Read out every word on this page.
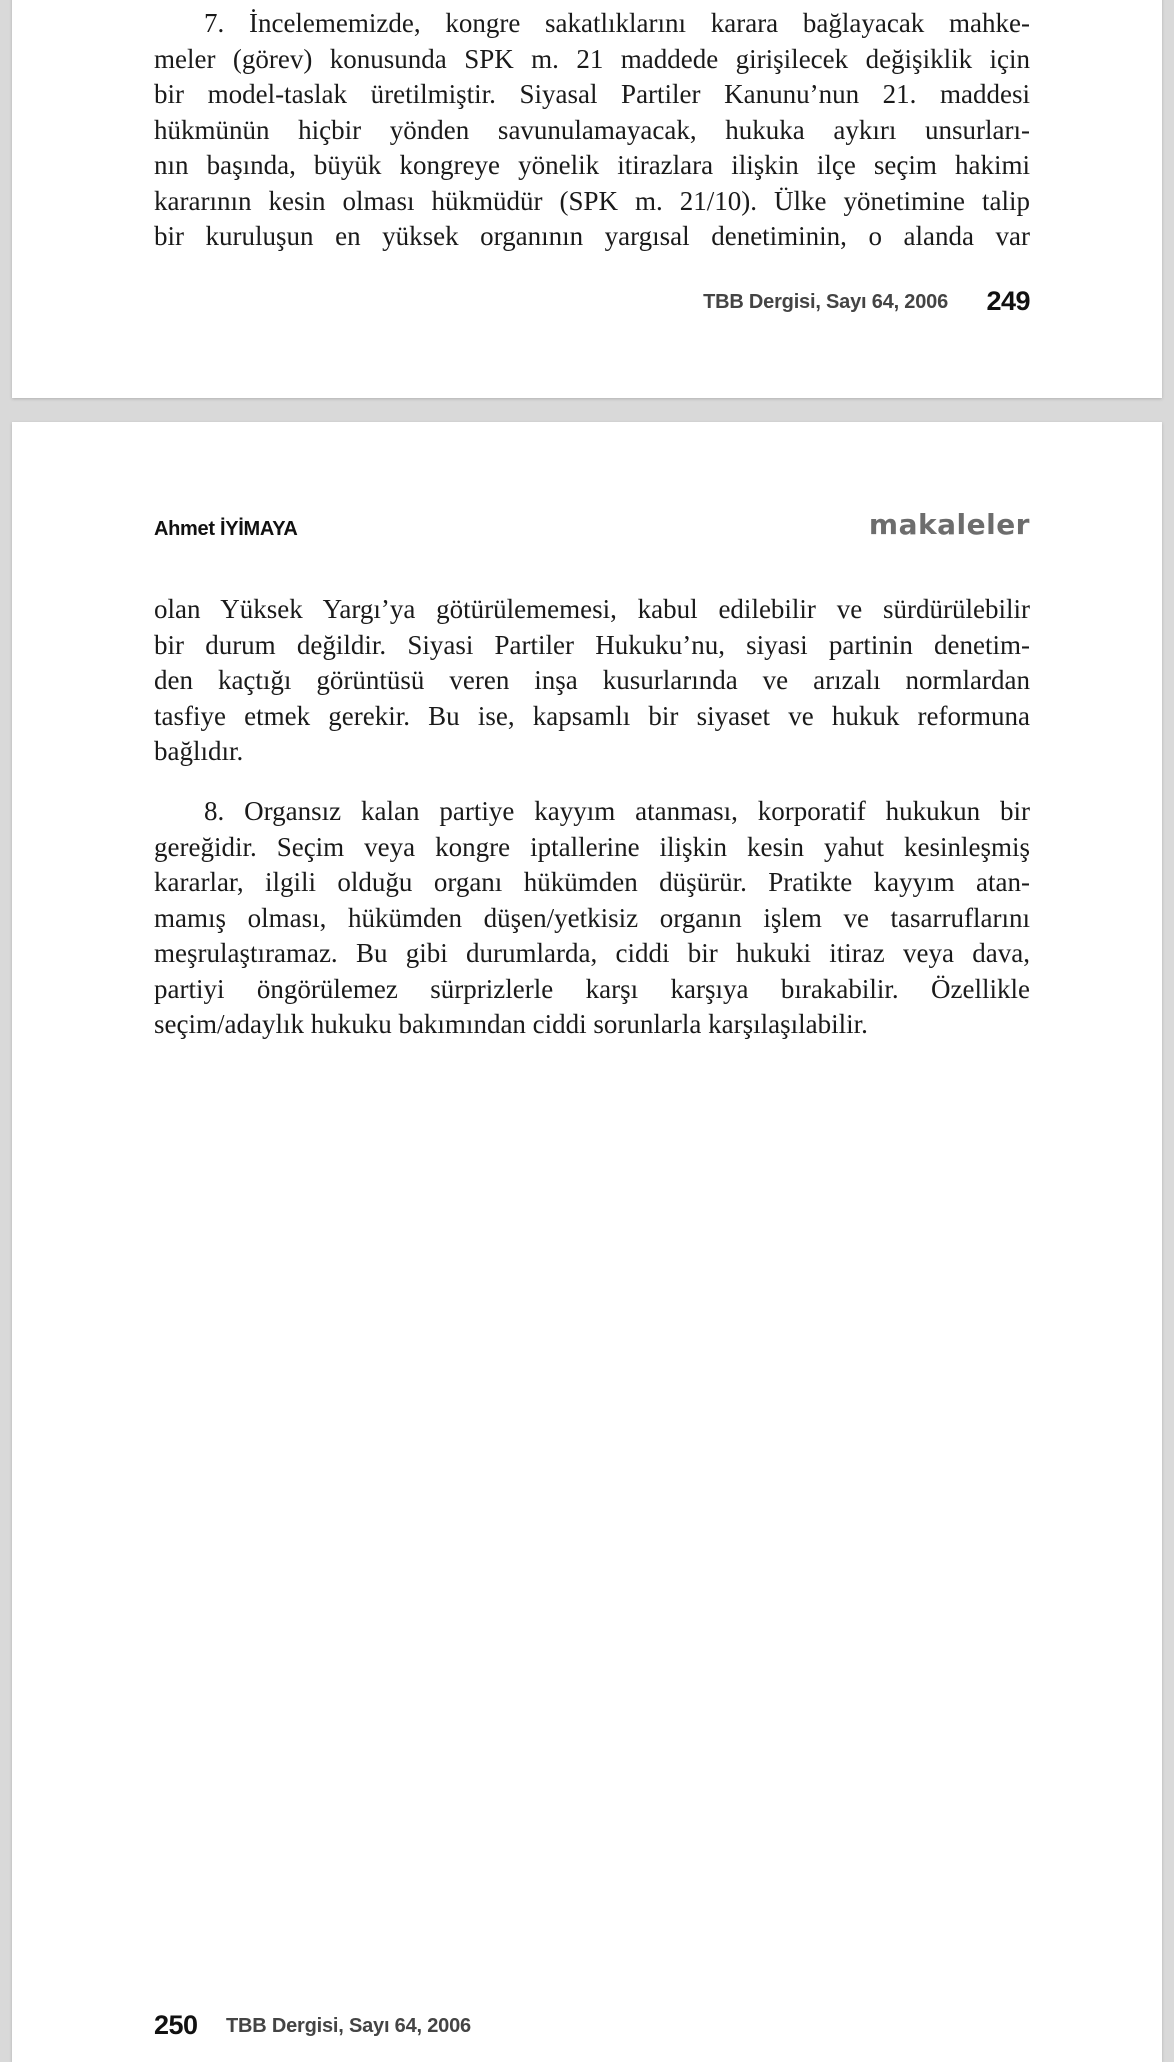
7. İncelememizde, kongre sakatlıklarını karara bağlayacak mahke-
meler (görev) konusunda SPK m. 21 maddede girişilecek değişiklik için
bir model-taslak üretilmiştir. Siyasal Partiler Kanunu’nun 21. maddesi
hükmünün hiçbir yönden savunulamayacak, hukuka aykırı unsurları-
nın başında, büyük kongreye yönelik itirazlara ilişkin ilçe seçim hakimi
kararının kesin olması hükmüdür (SPK m. 21/10). Ülke yönetimine talip
bir kuruluşun en yüksek organının yargısal denetiminin, o alanda var
TBB Dergisi, Sayı 64, 2006 249
Ahmet İYİMAYA	makaleler
olan Yüksek Yargı’ya götürülememesi, kabul edilebilir ve sürdürülebilir
bir durum değildir. Siyasi Partiler Hukuku’nu, siyasi partinin denetim-
den kaçtığı görüntüsü veren inşa kusurlarında ve arızalı normlardan
tasfiye etmek gerekir. Bu ise, kapsamlı bir siyaset ve hukuk reformuna
bağlıdır.
8. Organsız kalan partiye kayyım atanması, korporatif hukukun bir
gereğidir. Seçim veya kongre iptallerine ilişkin kesin yahut kesinleşmiş
kararlar, ilgili olduğu organı hükümden düşürür. Pratikte kayyım atan-
mamış olması, hükümden düşen/yetkisiz organın işlem ve tasarruflarını
meşrulaştıramaz. Bu gibi durumlarda, ciddi bir hukuki itiraz veya dava,
partiyi öngörülemez sürprizlerle karşı karşıya bırakabilir. Özellikle
seçim/adaylık hukuku bakımından ciddi sorunlarla karşılaşılabilir.
250 TBB Dergisi, Sayı 64, 2006
